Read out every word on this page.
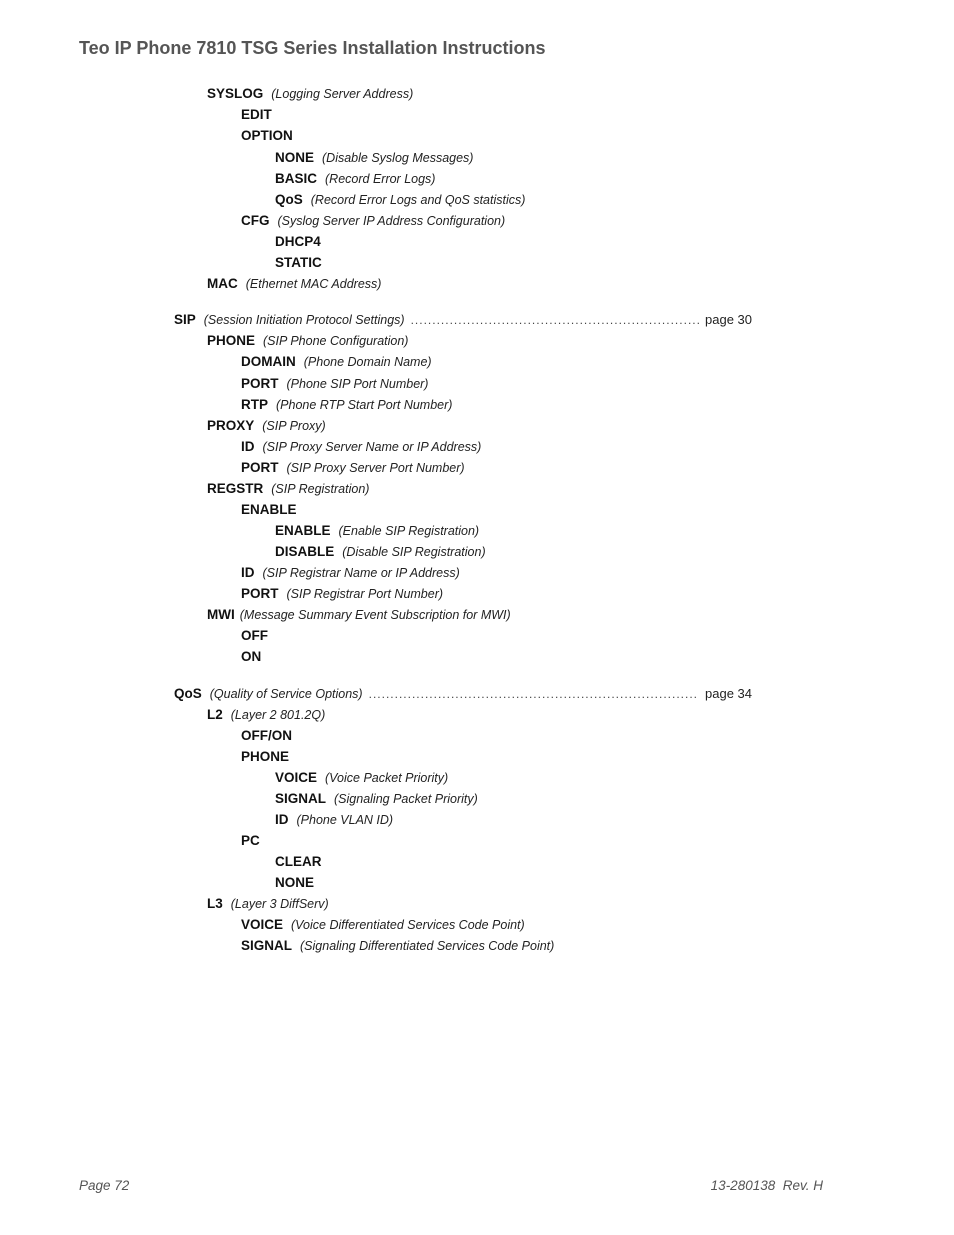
Teo IP Phone 7810 TSG Series Installation Instructions
SYSLOG (Logging Server Address)
EDIT
OPTION
NONE (Disable Syslog Messages)
BASIC (Record Error Logs)
QoS (Record Error Logs and QoS statistics)
CFG (Syslog Server IP Address Configuration)
DHCP4
STATIC
MAC (Ethernet MAC Address)
SIP (Session Initiation Protocol Settings) .....	page 30
PHONE (SIP Phone Configuration)
DOMAIN (Phone Domain Name)
PORT (Phone SIP Port Number)
RTP (Phone RTP Start Port Number)
PROXY (SIP Proxy)
ID (SIP Proxy Server Name or IP Address)
PORT (SIP Proxy Server Port Number)
REGSTR (SIP Registration)
ENABLE
ENABLE (Enable SIP Registration)
DISABLE (Disable SIP Registration)
ID (SIP Registrar Name or IP Address)
PORT (SIP Registrar Port Number)
MWI (Message Summary Event Subscription for MWI)
OFF
ON
QoS (Quality of Service Options) .....	page 34
L2 (Layer 2 801.2Q)
OFF/ON
PHONE
VOICE (Voice Packet Priority)
SIGNAL (Signaling Packet Priority)
ID (Phone VLAN ID)
PC
CLEAR
NONE
L3 (Layer 3 DiffServ)
VOICE (Voice Differentiated Services Code Point)
SIGNAL (Signaling Differentiated Services Code Point)
Page 72	13-280138  Rev. H
